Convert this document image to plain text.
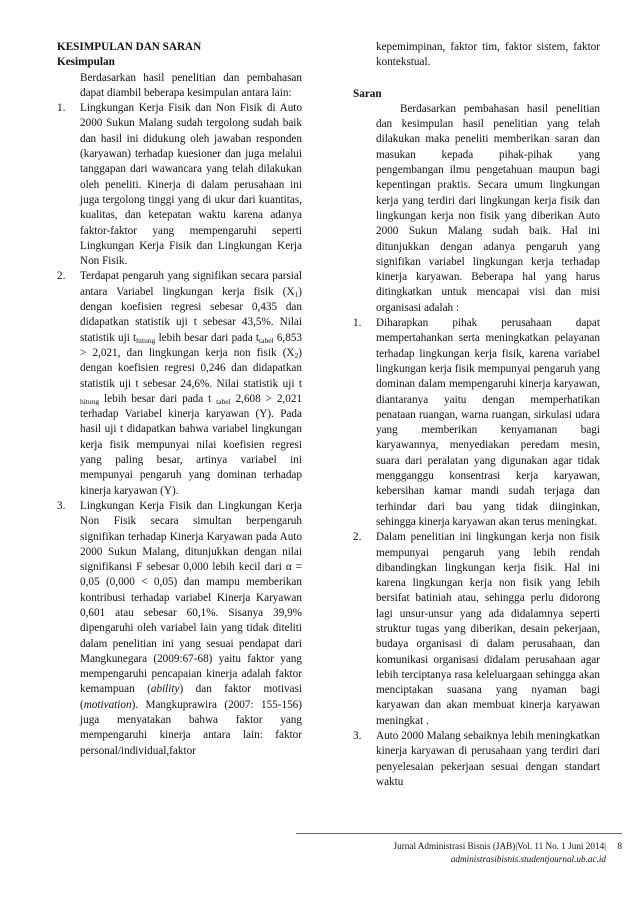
KESIMPULAN DAN SARAN
Kesimpulan

Berdasarkan hasil penelitian dan pembahasan dapat diambil beberapa kesimpulan antara lain:

1. Lingkungan Kerja Fisik dan Non Fisik di Auto 2000 Sukun Malang sudah tergolong sudah baik dan hasil ini didukung oleh jawaban responden (karyawan) terhadap kuesioner dan juga melalui tanggapan dari wawancara yang telah dilakukan oleh peneliti. Kinerja di dalam perusahaan ini juga tergolong tinggi yang di ukur dari kuantitas, kualitas, dan ketepatan waktu karena adanya faktor-faktor yang mempengaruhi seperti Lingkungan Kerja Fisik dan Lingkungan Kerja Non Fisik.
2. Terdapat pengaruh yang signifikan secara parsial antara Variabel lingkungan kerja fisik $(X_1)$ dengan koefisien regresi sebesar 0,435 dan didapatkan statistik uji t sebesar 43,5%. Nilai statistik uji $t_{hitung}$ lebih besar dari pada $t_{tabel}$ 6,853 > 2,021, dan lingkungan kerja non fisik $(X_2)$ dengan koefisien regresi 0,246 dan didapatkan statistik uji t sebesar 24,6%. Nilai statistik uji t $_{hitung}$ lebih besar dari pada t $_{tabel}$ 2,608 > 2,021 terhadap Variabel kinerja karyawan (Y). Pada hasil uji t didapatkan bahwa variabel lingkungan kerja fisik mempunyai nilai koefisien regresi yang paling besar, artinya variabel ini mempunyai pengaruh yang dominan terhadap kinerja karyawan (Y).
3. Lingkungan Kerja Fisik dan Lingkungan Kerja Non Fisik secara simultan berpengaruh signifikan terhadap Kinerja Karyawan pada Auto 2000 Sukun Malang, ditunjukkan dengan nilai signifikansi F sebesar 0,000 lebih kecil dari α = 0,05 (0,000 < 0,05) dan mampu memberikan kontribusi terhadap variabel Kinerja Karyawan 0,601 atau sebesar 60,1%. Sisanya 39,9% dipengaruhi oleh variabel lain yang tidak diteliti dalam penelitian ini yang sesuai pendapat dari Mangkunegara (2009:67-68) yaitu faktor yang mempengaruhi pencapaian kinerja adalah faktor kemampuan (ability) dan faktor motivasi (motivation). Mangkuprawira (2007: 155-156) juga menyatakan bahwa faktor yang mempengaruhi kinerja antara lain: faktor personal/individual,faktor

kepemimpinan, faktor tim, faktor sistem, faktor kontekstual.

Saran

Berdasarkan pembahasan hasil penelitian dan kesimpulan hasil penelitian yang telah dilakukan maka peneliti memberikan saran dan masukan kepada pihak-pihak yang pengembangan ilmu pengetahuan maupun bagi kepentingan praktis. Secara umum lingkungan kerja yang terdiri dari lingkungan kerja fisik dan lingkungan kerja non fisik yang diberikan Auto 2000 Sukun Malang sudah baik. Hal ini ditunjukkan dengan adanya pengaruh yang signifikan variabel lingkungan kerja terhadap kinerja karyawan. Beberapa hal yang harus ditingkatkan untuk mencapai visi dan misi organisasi adalah :

1. Diharapkan pihak perusahaan dapat mempertahankan serta meningkatkan pelayanan terhadap lingkungan kerja fisik, karena variabel lingkungan kerja fisik mempunyai pengaruh yang dominan dalam mempengaruhi kinerja karyawan, diantaranya yaitu dengan memperhatikan penataan ruangan, warna ruangan, sirkulasi udara yang memberikan kenyamanan bagi karyawannya, menyediakan peredam mesin, suara dari peralatan yang digunakan agar tidak mengganggu konsentrasi kerja karyawan, kebersihan kamar mandi sudah terjaga dan terhindar dari bau yang tidak diinginkan, sehingga kinerja karyawan akan terus meningkat.
2. Dalam penelitian ini lingkungan kerja non fisik mempunyai pengaruh yang lebih rendah dibandingkan lingkungan kerja fisik. Hal ini karena lingkungan kerja non fisik yang lebih bersifat batiniah atau, sehingga perlu didorong lagi unsur-unsur yang ada didalamnya seperti struktur tugas yang diberikan, desain pekerjaan, budaya organisasi di dalam perusahaan, dan komunikasi organisasi didalam perusahaan agar lebih terciptanya rasa keleluargaan sehingga akan menciptakan suasana yang nyaman bagi karyawan dan akan membuat kinerja karyawan meningkat .
3. Auto 2000 Malang sebaiknya lebih meningkatkan kinerja karyawan di perusahaan yang terdiri dari penyelesaian pekerjaan sesuai dengan standart waktu
Jurnal Administrasi Bisnis (JAB)|Vol. 11 No. 1 Juni 2014| 8
administrasibisnis.studentjournal.ub.ac.id
